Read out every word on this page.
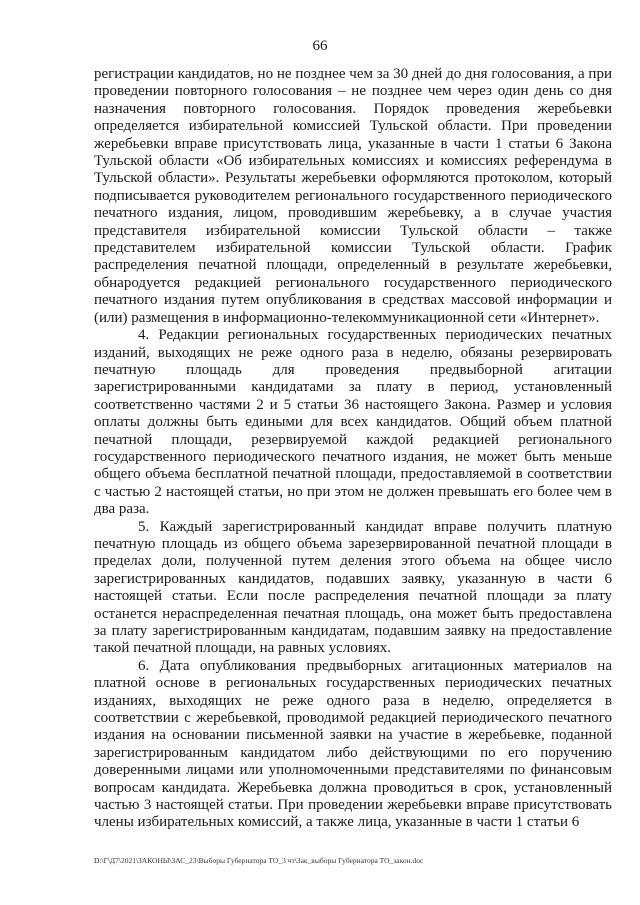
66

регистрации кандидатов, но не позднее чем за 30 дней до дня голосования, а при проведении повторного голосования – не позднее чем через один день со дня назначения повторного голосования. Порядок проведения жеребьевки определяется избирательной комиссией Тульской области. При проведении жеребьевки вправе присутствовать лица, указанные в части 1 статьи 6 Закона Тульской области «Об избирательных комиссиях и комиссиях референдума в Тульской области». Результаты жеребьевки оформляются протоколом, который подписывается руководителем регионального государственного периодического печатного издания, лицом, проводившим жеребьевку, а в случае участия представителя избирательной комиссии Тульской области – также представителем избирательной комиссии Тульской области. График распределения печатной площади, определенный в результате жеребьевки, обнародуется редакцией регионального государственного периодического печатного издания путем опубликования в средствах массовой информации и (или) размещения в информационно-телекоммуникационной сети «Интернет».

4. Редакции региональных государственных периодических печатных изданий, выходящих не реже одного раза в неделю, обязаны резервировать печатную площадь для проведения предвыборной агитации зарегистрированными кандидатами за плату в период, установленный соответственно частями 2 и 5 статьи 36 настоящего Закона. Размер и условия оплаты должны быть едиными для всех кандидатов. Общий объем платной печатной площади, резервируемой каждой редакцией регионального государственного периодического печатного издания, не может быть меньше общего объема бесплатной печатной площади, предоставляемой в соответствии с частью 2 настоящей статьи, но при этом не должен превышать его более чем в два раза.

5. Каждый зарегистрированный кандидат вправе получить платную печатную площадь из общего объема зарезервированной печатной площади в пределах доли, полученной путем деления этого объема на общее число зарегистрированных кандидатов, подавших заявку, указанную в части 6 настоящей статьи. Если после распределения печатной площади за плату останется нераспределенная печатная площадь, она может быть предоставлена за плату зарегистрированным кандидатам, подавшим заявку на предоставление такой печатной площади, на равных условиях.

6. Дата опубликования предвыборных агитационных материалов на платной основе в региональных государственных периодических печатных изданиях, выходящих не реже одного раза в неделю, определяется в соответствии с жеребьевкой, проводимой редакцией периодического печатного издания на основании письменной заявки на участие в жеребьевке, поданной зарегистрированным кандидатом либо действующими по его поручению доверенными лицами или уполномоченными представителями по финансовым вопросам кандидата. Жеребьевка должна проводиться в срок, установленный частью 3 настоящей статьи. При проведении жеребьевки вправе присутствовать члены избирательных комиссий, а также лица, указанные в части 1 статьи 6

D:\Г\Д7\2021\ЗАКОНЫ\ЗАС_23\Выборы Губернатора ТО_3 чт\Зак_выборы Губернатора ТО_закон.doc
